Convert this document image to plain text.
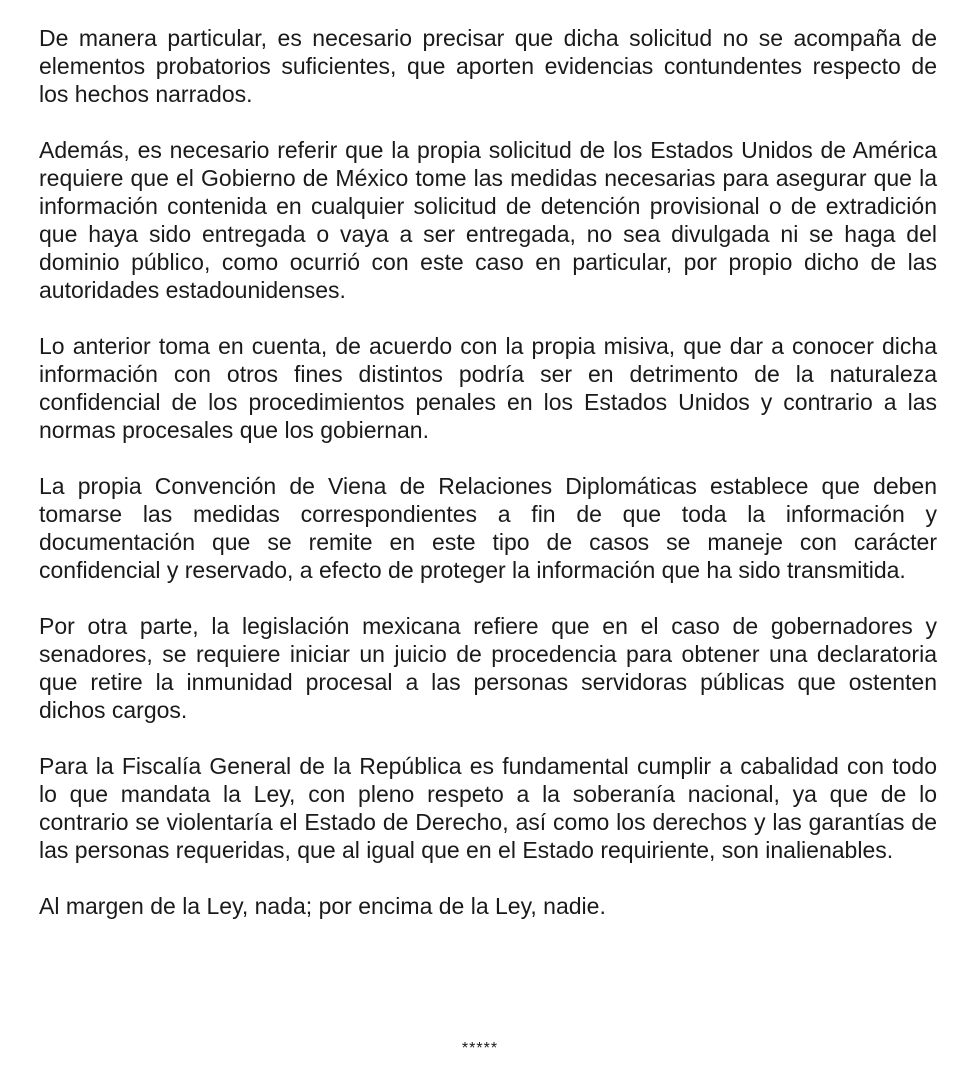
De manera particular, es necesario precisar que dicha solicitud no se acompaña de elementos probatorios suficientes, que aporten evidencias contundentes respecto de los hechos narrados.

Además, es necesario referir que la propia solicitud de los Estados Unidos de América requiere que el Gobierno de México tome las medidas necesarias para asegurar que la información contenida en cualquier solicitud de detención provisional o de extradición que haya sido entregada o vaya a ser entregada, no sea divulgada ni se haga del dominio público, como ocurrió con este caso en particular, por propio dicho de las autoridades estadounidenses.

Lo anterior toma en cuenta, de acuerdo con la propia misiva, que dar a conocer dicha información con otros fines distintos podría ser en detrimento de la naturaleza confidencial de los procedimientos penales en los Estados Unidos y contrario a las normas procesales que los gobiernan.

La propia Convención de Viena de Relaciones Diplomáticas establece que deben tomarse las medidas correspondientes a fin de que toda la información y documentación que se remite en este tipo de casos se maneje con carácter confidencial y reservado, a efecto de proteger la información que ha sido transmitida.

Por otra parte, la legislación mexicana refiere que en el caso de gobernadores y senadores, se requiere iniciar un juicio de procedencia para obtener una declaratoria que retire la inmunidad procesal a las personas servidoras públicas que ostenten dichos cargos.

Para la Fiscalía General de la República es fundamental cumplir a cabalidad con todo lo que mandata la Ley, con pleno respeto a la soberanía nacional, ya que de lo contrario se violentaría el Estado de Derecho, así como los derechos y las garantías de las personas requeridas, que al igual que en el Estado requiriente, son inalienables.

Al margen de la Ley, nada; por encima de la Ley, nadie.

*****
